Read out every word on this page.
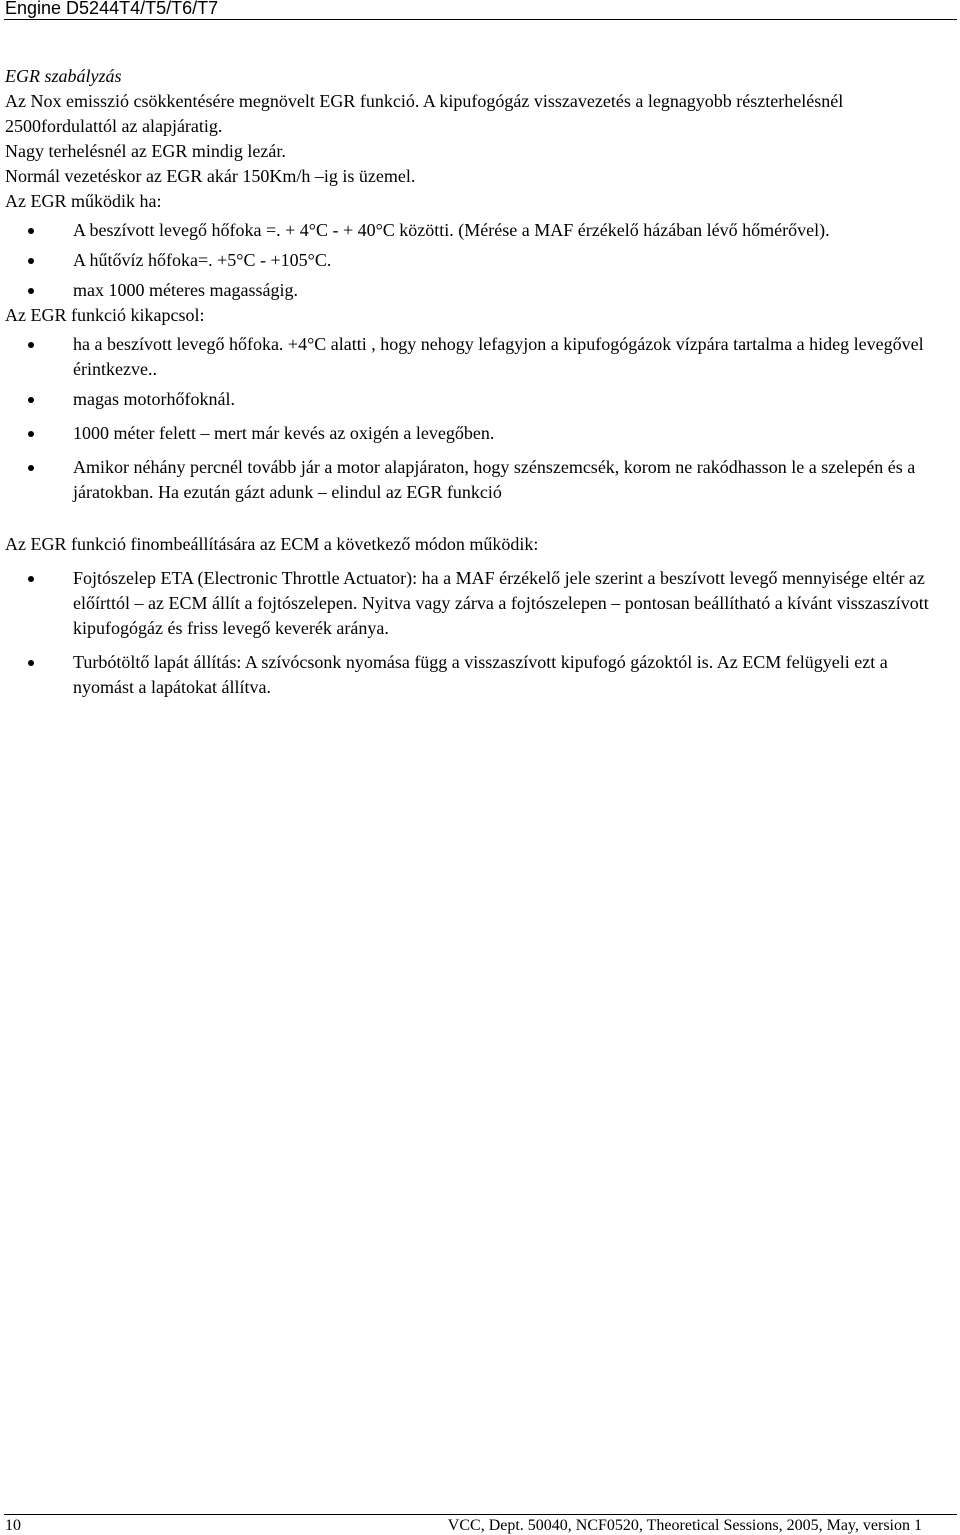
Engine D5244T4/T5/T6/T7
EGR szabályzás
Az Nox emisszió csökkentésére megnövelt EGR funkció. A kipufogógáz visszavezetés a legnagyobb részterhelésnél 2500fordulattól az alapjáratig.
Nagy terhelésnél az EGR mindig lezár.
Normál vezetéskor az EGR akár 150Km/h –ig is üzemel.
Az EGR működik ha:
A beszívott levegő hőfoka =. + 4°C - + 40°C közötti. (Mérése a MAF érzékelő házában lévő hőmérővel).
A hűtővíz hőfoka=. +5°C - +105°C.
max 1000 méteres magasságig.
Az EGR funkció kikapcsol:
ha a beszívott levegő hőfoka. +4°C alatti , hogy nehogy lefagyjon a kipufogógázok vízpára tartalma a hideg levegővel érintkezve..
magas motorhőfoknál.
1000 méter felett – mert már kevés az oxigén a levegőben.
Amikor néhány percnél tovább jár a motor alapjáraton, hogy szénszemcsék, korom ne rakódhasson le a szelepén és a járatokban. Ha ezután gázt adunk – elindul az EGR funkció
Az EGR funkció finombeállítására az ECM a következő módon működik:
Fojtószelep ETA (Electronic Throttle Actuator): ha a MAF érzékelő jele szerint a beszívott levegő mennyisége eltér az előírttól – az ECM állít a fojtószelepen. Nyitva vagy zárva a fojtószelepen – pontosan beállítható a kívánt visszaszívott kipufogógáz és friss levegő keverék aránya.
Turbótöltő lapát állítás: A szívócsonk nyomása függ a visszaszívott kipufogó gázoktól is. Az ECM felügyeli ezt a nyomást a lapátokat állítva.
10	VCC, Dept. 50040, NCF0520, Theoretical Sessions, 2005, May, version 1
